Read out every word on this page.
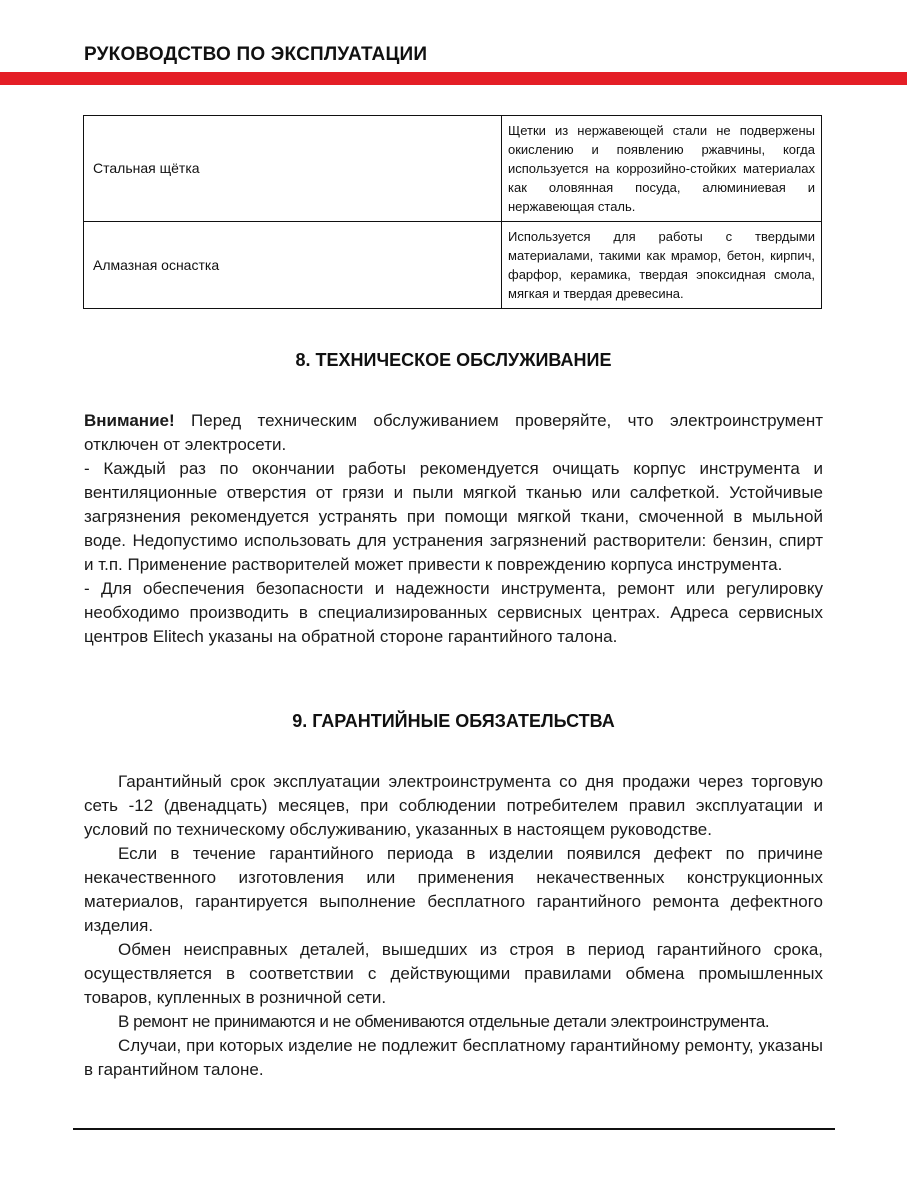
РУКОВОДСТВО ПО ЭКСПЛУАТАЦИИ
Стальная щётка	Щетки из нержавеющей стали не подвержены окислению и появлению ржавчины, когда используется на коррозийно-стойких материалах как оловянная посуда, алюминиевая и нержавеющая сталь.
Алмазная оснастка	Используется для работы с твердыми материалами, такими как мрамор, бетон, кирпич, фарфор, керамика, твердая эпоксидная смола, мягкая и твердая древесина.
8. ТЕХНИЧЕСКОЕ ОБСЛУЖИВАНИЕ

Внимание! Перед техническим обслуживанием проверяйте, что электроинструмент отключен от электросети.

- Каждый раз по окончании работы рекомендуется очищать корпус инструмента и вентиляционные отверстия от грязи и пыли мягкой тканью или салфеткой. Устойчивые загрязнения рекомендуется устранять при помощи мягкой ткани, смоченной в мыльной воде. Недопустимо использовать для устранения загрязнений растворители: бензин, спирт и т.п. Применение растворителей может привести к повреждению корпуса инструмента.

- Для обеспечения безопасности и надежности инструмента, ремонт или регулировку необходимо производить в специализированных сервисных центрах. Адреса сервисных центров Elitech указаны на обратной стороне гарантийного талона.

9. ГАРАНТИЙНЫЕ ОБЯЗАТЕЛЬСТВА

Гарантийный срок эксплуатации электроинструмента со дня продажи через торговую сеть -12 (двенадцать) месяцев, при соблюдении потребителем правил эксплуатации и условий по техническому обслуживанию, указанных в настоящем руководстве.

Если в течение гарантийного периода в изделии появился дефект по причине некачественного изготовления или применения некачественных конструкционных материалов, гарантируется выполнение бесплатного гарантийного ремонта дефектного изделия.

Обмен неисправных деталей, вышедших из строя в период гарантийного срока, осуществляется в соответствии с действующими правилами обмена промышленных товаров, купленных в розничной сети.

В ремонт не принимаются и не обмениваются отдельные детали электроинструмента.

Случаи, при которых изделие не подлежит бесплатному гарантийному ремонту, указаны в гарантийном талоне.
